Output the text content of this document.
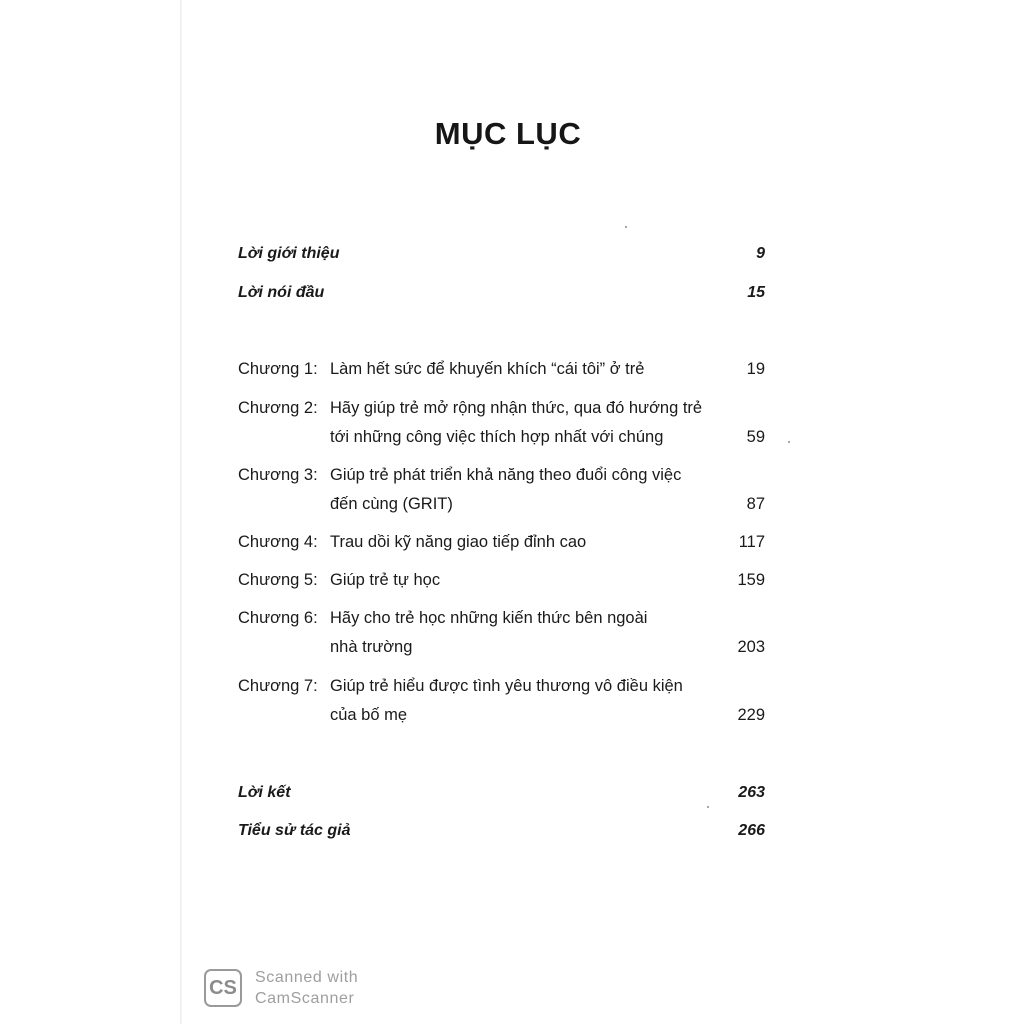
MỤC LỤC
Lời giới thiệu	9
Lời nói đầu	15
Chương 1: Làm hết sức để khuyến khích “cái tôi” ở trẻ	19
Chương 2: Hãy giúp trẻ mở rộng nhận thức, qua đó hướng trẻ
tới những công việc thích hợp nhất với chúng	59
Chương 3: Giúp trẻ phát triển khả năng theo đuổi công việc
đến cùng (GRIT)	87
Chương 4: Trau dồi kỹ năng giao tiếp đỉnh cao	117
Chương 5: Giúp trẻ tự học	159
Chương 6: Hãy cho trẻ học những kiến thức bên ngoài
nhà trường	203
Chương 7: Giúp trẻ hiểu được tình yêu thương vô điều kiện
của bố mẹ	229
Lời kết	263
Tiểu sử tác giả	266
CS	Scanned with
CamScanner
